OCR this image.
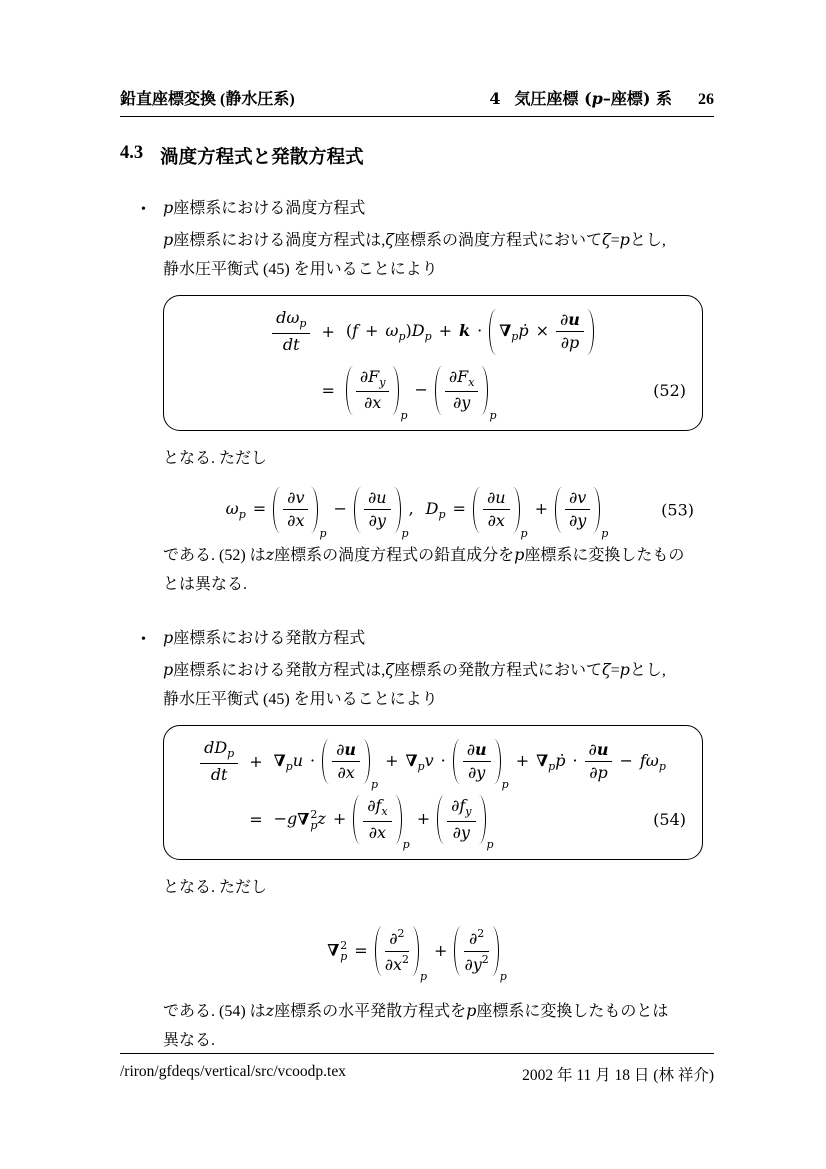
鉛直座標変換 (静水圧系)	4 気圧座標 (p–座標) 系 26
4.3 渦度方程式と発散方程式
•	p座標系における渦度方程式
p座標系における渦度方程式は,ζ座標系の渦度方程式においてζ=pとし,
静水圧平衡式 (45) を用いることにより
$\frac{d\omega_p}{dt} + (f + \omega_p)D_p + k$ · $\nabla_pṗ \times \frac{\partial u}{\partial p}$
=	$\frac{\partial F_y}{\partial x}$
p
− $\frac{\partial F_x}{\partial y}$
p
(52)
となる. ただし
$\omega_p = \frac{\partial v}{\partial x}$
p
− $\frac{\partial u}{\partial y}$
p
, $D_p = \frac{\partial u}{\partial x}$
p
+ $\frac{\partial v}{\partial y}$
p
(53)
である. (52) はz座標系の渦度方程式の鉛直成分をp座標系に変換したもの
とは異なる.
•	p座標系における発散方程式
p座標系における発散方程式は,ζ座標系の発散方程式においてζ=pとし,
静水圧平衡式 (45) を用いることにより
$\frac{dD_p}{dt} + \nabla_pu \cdot \frac{\partial u}{\partial x}$
p
+ $\nabla_pv \cdot \frac{\partial u}{\partial y}$
p
+ $\nabla_pṗ \cdot \frac{\partial u}{\partial p} - f\omega_p$
= −g∇ 2
p $z + \frac{\partial f_x}{\partial x}$
p
+ $\frac{\partial f_y}{\partial y}$
p
(54)
となる. ただし
∇ 2
$p = \frac{\partial^2}{\partial x^2}$
p
+ $\frac{\partial^2}{\partial y^2}$
p
である. (54) はz座標系の水平発散方程式をp座標系に変換したものとは
異なる.
/riron/gfdeqs/vertical/src/vcoodp.tex	2002 年 11 月 18 日 (林 祥介)
